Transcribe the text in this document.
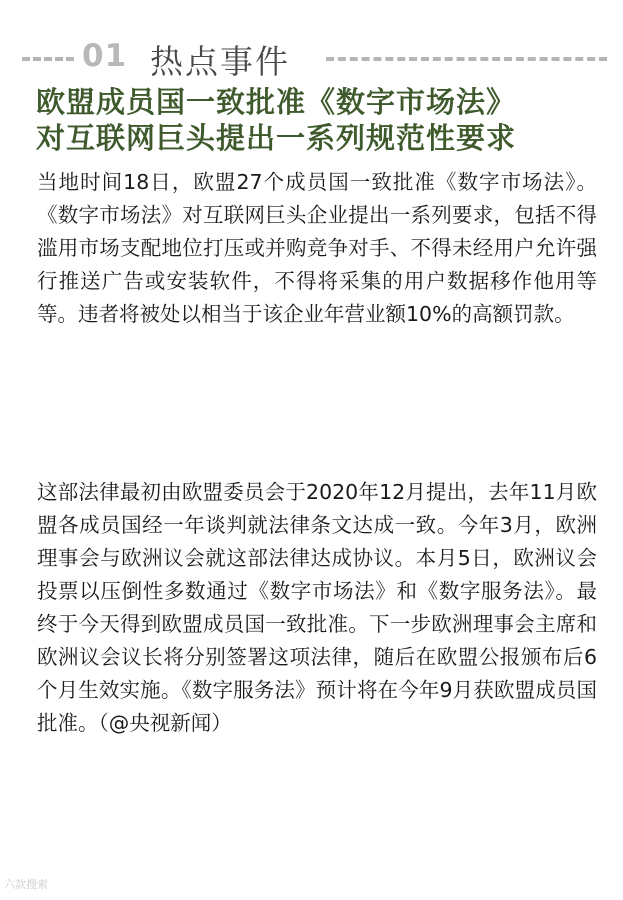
01 热点事件
欧盟成员国一致批准《数字市场法》
对互联网巨头提出一系列规范性要求

当地时间18日，欧盟27个成员国一致批准《数字市场法》。《数字市场法》对互联网巨头企业提出一系列要求，包括不得滥用市场支配地位打压或并购竞争对手、不得未经用户允许强行推送广告或安装软件，不得将采集的用户数据移作他用等等。违者将被处以相当于该企业年营业额10%的高额罚款。

这部法律最初由欧盟委员会于2020年12月提出，去年11月欧盟各成员国经一年谈判就法律条文达成一致。今年3月，欧洲理事会与欧洲议会就这部法律达成协议。本月5日，欧洲议会投票以压倒性多数通过《数字市场法》和《数字服务法》。最终于今天得到欧盟成员国一致批准。下一步欧洲理事会主席和欧洲议会议长将分别签署这项法律，随后在欧盟公报颁布后6个月生效实施。《数字服务法》预计将在今年9月获欧盟成员国批准。（@央视新闻）

六款搜索
